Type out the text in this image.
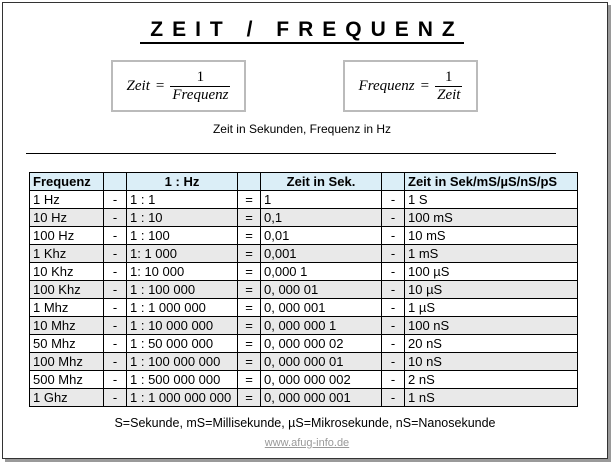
ZEIT / FREQUENZ
Zeit = $\frac{1}{\text{Frequenz}}$	Frequenz = $\frac{1}{\text{Zeit}}$
Zeit in Sekunden, Frequenz in Hz
Frequenz		1 : Hz		Zeit in Sek.		Zeit in Sek/mS/µS/nS/pS
1 Hz	-	1 : 1	=	1	-	1 S
10 Hz	-	1 : 10	=	0,1	-	100 mS
100 Hz	-	1 : 100	=	0,01	-	10 mS
1 Khz	-	1: 1 000	=	0,001	-	1 mS
10 Khz	-	1: 10 000	=	0,000 1	-	100 µS
100 Khz	-	1 : 100 000	=	0, 000 01	-	10 µS
1 Mhz	-	1 : 1 000 000	=	0, 000 001	-	1 µS
10 Mhz	-	1 : 10 000 000	=	0, 000 000 1	-	100 nS
50 Mhz	-	1 : 50 000 000	=	0, 000 000 02	-	20 nS
100 Mhz	-	1 : 100 000 000	=	0, 000 000 01	-	10 nS
500 Mhz	-	1 : 500 000 000	=	0, 000 000 002	-	2 nS
1 Ghz	-	1 : 1 000 000 000	=	0, 000 000 001	-	1 nS
S=Sekunde, mS=Millisekunde, µS=Mikrosekunde, nS=Nanosekunde
www.afug-info.de
